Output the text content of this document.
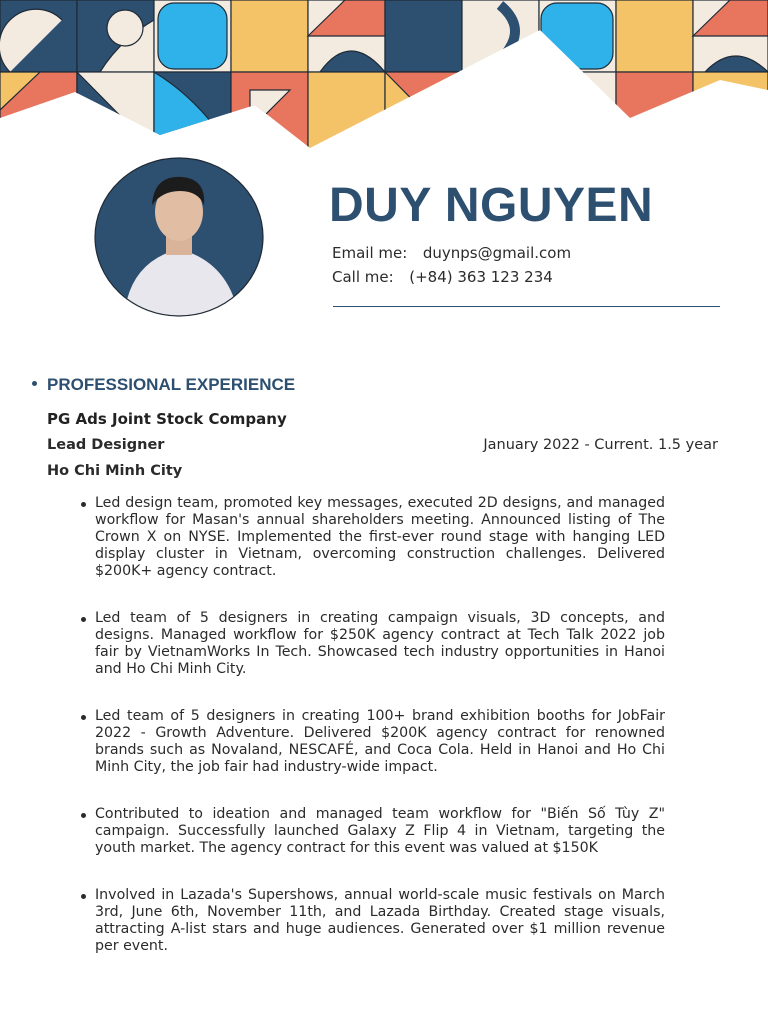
DUY NGUYEN
Email me: duynps@gmail.com
Call me: (+84) 363 123 234
PROFESSIONAL EXPERIENCE
PG Ads Joint Stock Company
Lead Designer	January 2022 - Current. 1.5 year
Ho Chi Minh City
Led design team, promoted key messages, executed 2D designs, and managed workflow for Masan's annual shareholders meeting. Announced listing of The Crown X on NYSE. Implemented the first-ever round stage with hanging LED display cluster in Vietnam, overcoming construction challenges. Delivered $200K+ agency contract.
Led team of 5 designers in creating campaign visuals, 3D concepts, and designs. Managed workflow for $250K agency contract at Tech Talk 2022 job fair by VietnamWorks In Tech. Showcased tech industry opportunities in Hanoi and Ho Chi Minh City.
Led team of 5 designers in creating 100+ brand exhibition booths for JobFair 2022 - Growth Adventure. Delivered $200K agency contract for renowned brands such as Novaland, NESCAFÉ, and Coca Cola. Held in Hanoi and Ho Chi Minh City, the job fair had industry-wide impact.
Contributed to ideation and managed team workflow for "Biến Số Tùy Z" campaign. Successfully launched Galaxy Z Flip 4 in Vietnam, targeting the youth market. The agency contract for this event was valued at $150K
Involved in Lazada's Supershows, annual world-scale music festivals on March 3rd, June 6th, November 11th, and Lazada Birthday. Created stage visuals, attracting A-list stars and huge audiences. Generated over $1 million revenue per event.
